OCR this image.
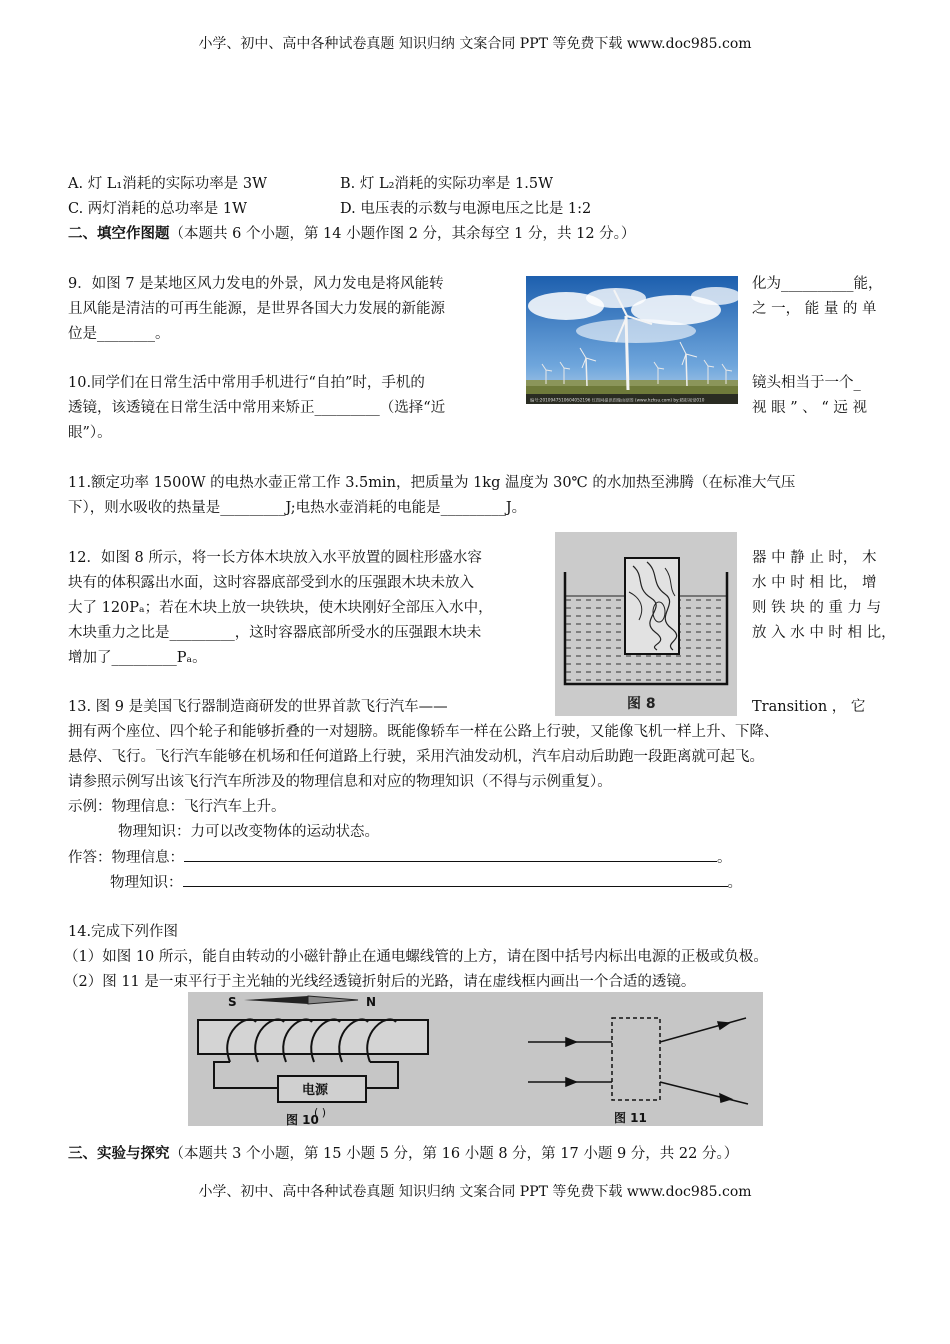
小学、初中、高中各种试卷真题 知识归纳 文案合同 PPT 等免费下载 www.doc985.com
A. 灯 L₁消耗的实际功率是 3W	B. 灯 L₂消耗的实际功率是 1.5W
C. 两灯消耗的总功率是 1W	D. 电压表的示数与电源电压之比是 1:2
二、填空作图题（本题共 6 个小题，第 14 小题作图 2 分，其余每空 1 分，共 12 分。）
9．如图 7 是某地区风力发电的外景，风力发电是将风能转	化为__________能，
且风能是清洁的可再生能源，是世界各国大力发展的新能源	之 一， 能 量 的 单
位是________。
编号:2010947510604052196 红图网提供图像由原图 (www.hzhsu.com) by:精彩视觉010
10.同学们在日常生活中常用手机进行“自拍”时，手机的	镜头相当于一个_
透镜，该透镜在日常生活中常用来矫正_________（选择“近	视 眼 ” 、 “ 远 视
眼”）。
11.额定功率 1500W 的电热水壶正常工作 3.5min，把质量为 1kg 温度为 30℃ 的水加热至沸腾（在标准大气压
下），则水吸收的热量是_________J;电热水壶消耗的电能是_________J。
12．如图 8 所示，将一长方体木块放入水平放置的圆柱形盛水容	器 中 静 止 时， 木
块有的体积露出水面，这时容器底部受到水的压强跟木块未放入	水 中 时 相 比， 增
大了 120Pₐ；若在木块上放一块铁块，使木块刚好全部压入水中，	则 铁 块 的 重 力 与
木块重力之比是_________，这时容器底部所受水的压强跟木块未	放 入 水 中 时 相 比，
增加了_________Pₐ。
图 8
13. 图 9 是美国飞行器制造商研发的世界首款飞行汽车——	Transition ， 它
拥有两个座位、四个轮子和能够折叠的一对翅膀。既能像轿车一样在公路上行驶，又能像飞机一样上升、下降、
悬停、飞行。飞行汽车能够在机场和任何道路上行驶，采用汽油发动机，汽车启动后助跑一段距离就可起飞。
请参照示例写出该飞行汽车所涉及的物理信息和对应的物理知识（不得与示例重复）。
示例：物理信息：飞行汽车上升。
物理知识：力可以改变物体的运动状态。
作答：物理信息：	。
物理知识：	。
14.完成下列作图
（1）如图 10 所示，能自由转动的小磁针静止在通电螺线管的上方，请在图中括号内标出电源的正极或负极。
（2）图 11 是一束平行于主光轴的光线经透镜折射后的光路，请在虚线框内画出一个合适的透镜。
S	N
电源
( )
图 10	图 11
三、实验与探究（本题共 3 个小题，第 15 小题 5 分，第 16 小题 8 分，第 17 小题 9 分，共 22 分。）
小学、初中、高中各种试卷真题 知识归纳 文案合同 PPT 等免费下载 www.doc985.com
